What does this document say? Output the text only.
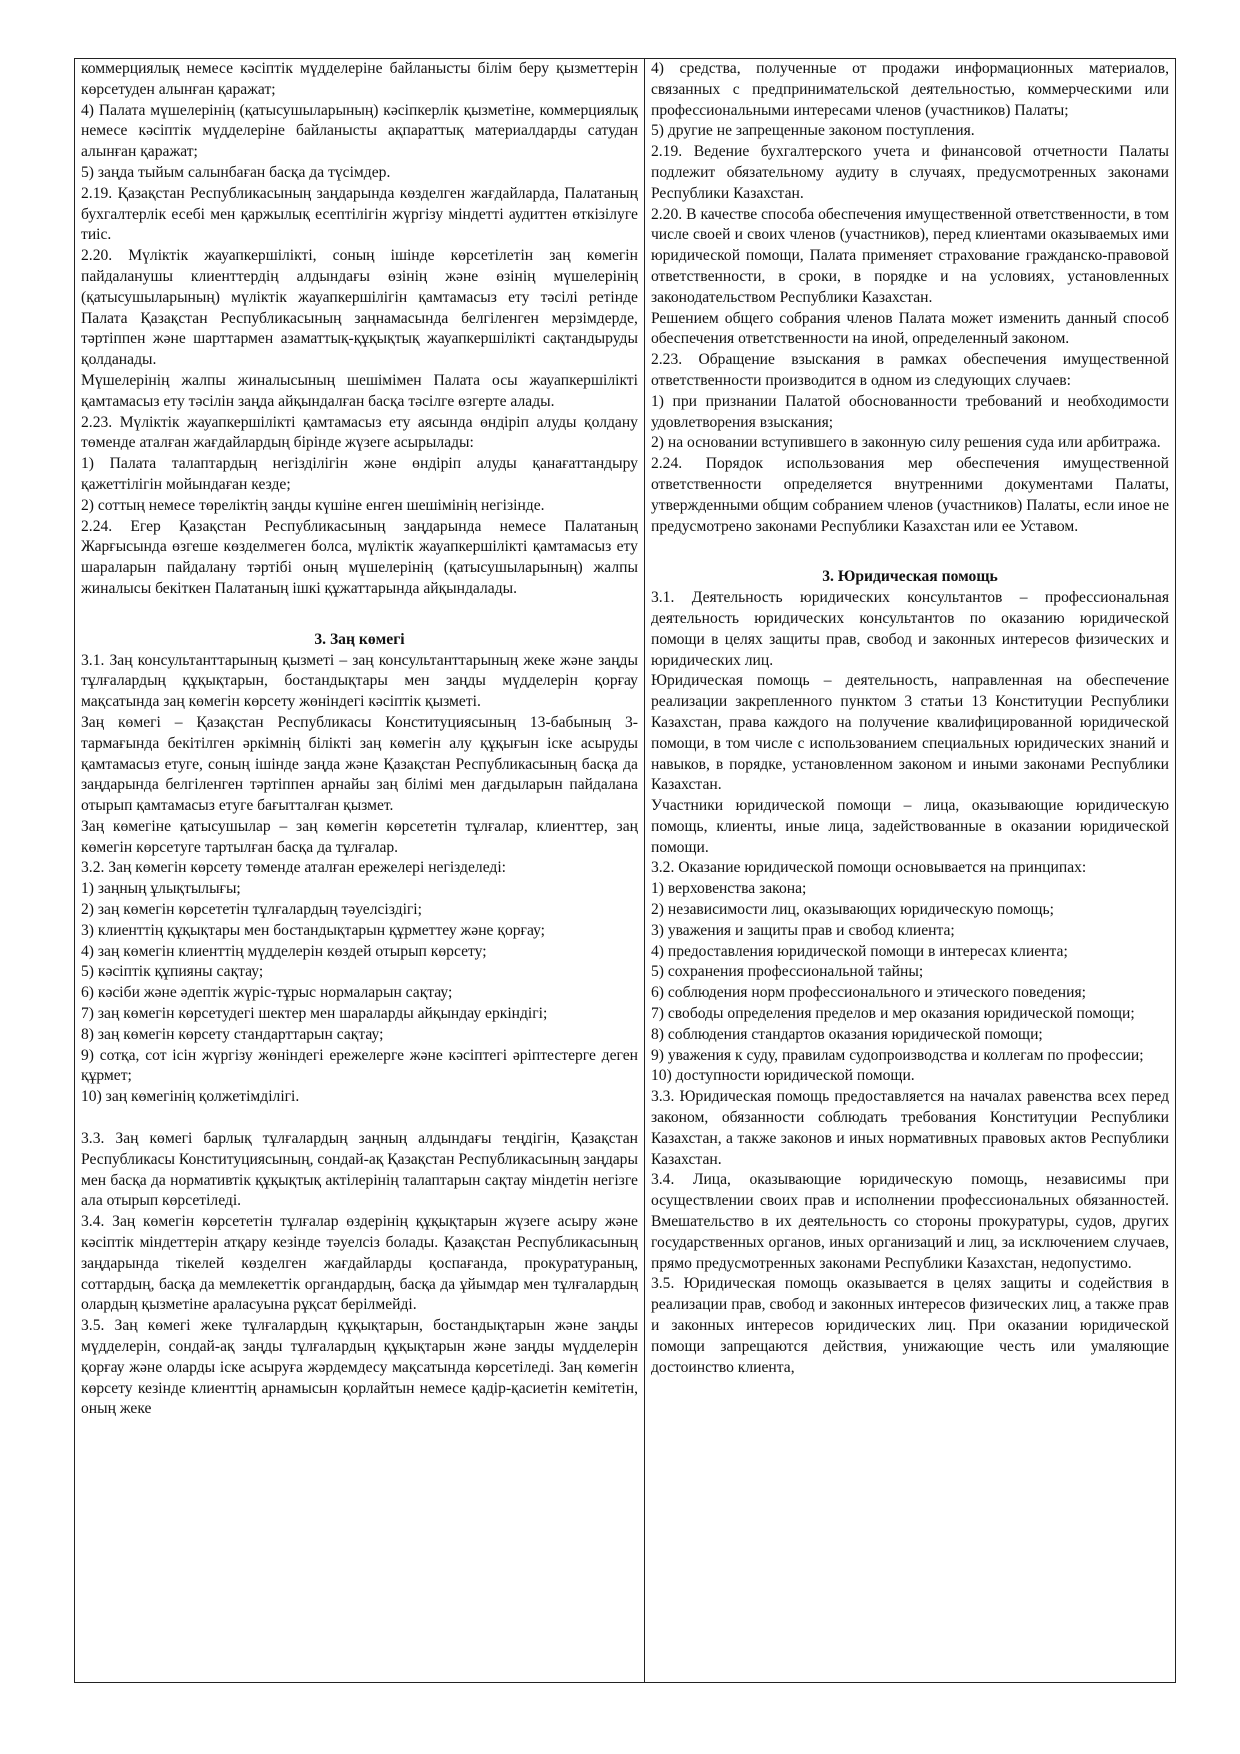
коммерциялық немесе кәсіптік мүдделеріне байланысты білім беру қызметтерін көрсетуден алынған қаражат;

4) Палата мүшелерінің (қатысушыларының) кәсіпкерлік қызметіне, коммерциялық немесе кәсіптік мүдделеріне байланысты ақпараттық материалдарды сатудан алынған қаражат;

5) заңда тыйым салынбаған басқа да түсімдер.

2.19. Қазақстан Республикасының заңдарында көзделген жағдайларда, Палатаның бухгалтерлік есебі мен қаржылық есептілігін жүргізу міндетті аудиттен өткізілуге тиіс.

2.20. Мүліктік жауапкершілікті, соның ішінде көрсетілетін заң көмегін пайдаланушы клиенттердің алдындағы өзінің және өзінің мүшелерінің (қатысушыларының) мүліктік жауапкершілігін қамтамасыз ету тәсілі ретінде Палата Қазақстан Республикасының заңнамасында белгіленген мерзімдерде, тәртіппен және шарттармен азаматтық-құқықтық жауапкершілікті сақтандыруды қолданады.

Мүшелерінің жалпы жиналысының шешімімен Палата осы жауапкершілікті қамтамасыз ету тәсілін заңда айқындалған басқа тәсілге өзгерте алады.

2.23. Мүліктік жауапкершілікті қамтамасыз ету аясында өндіріп алуды қолдану төменде аталған жағдайлардың бірінде жүзеге асырылады:

1) Палата талаптардың негізділігін және өндіріп алуды қанағаттандыру қажеттілігін мойындаған кезде;

2) соттың немесе төреліктің заңды күшіне енген шешімінің негізінде.

2.24. Егер Қазақстан Республикасының заңдарында немесе Палатаның Жарғысында өзгеше көзделмеген болса, мүліктік жауапкершілікті қамтамасыз ету шараларын пайдалану тәртібі оның мүшелерінің (қатысушыларының) жалпы жиналысы бекіткен Палатаның ішкі құжаттарында айқындалады.

3. Заң көмегі

3.1. Заң консультанттарының қызметі – заң консультанттарының жеке және заңды тұлғалардың құқықтарын, бостандықтары мен заңды мүдделерін қорғау мақсатында заң көмегін көрсету жөніндегі кәсіптік қызметі.

Заң көмегі – Қазақстан Республикасы Конституциясының 13-бабының 3-тармағында бекітілген әркімнің білікті заң көмегін алу құқығын іске асыруды қамтамасыз етуге, соның ішінде заңда және Қазақстан Республикасының басқа да заңдарында белгіленген тәртіппен арнайы заң білімі мен дағдыларын пайдалана отырып қамтамасыз етуге бағытталған қызмет.

Заң көмегіне қатысушылар – заң көмегін көрсететін тұлғалар, клиенттер, заң көмегін көрсетуге тартылған басқа да тұлғалар.

3.2. Заң көмегін көрсету төменде аталған ережелері негізделеді:

1) заңның ұлықтылығы;

2) заң көмегін көрсететін тұлғалардың тәуелсіздігі;

3) клиенттің құқықтары мен бостандықтарын құрметтеу және қорғау;

4) заң көмегін клиенттің мүдделерін көздей отырып көрсету;

5) кәсіптік құпияны сақтау;

6) кәсіби және әдептік жүріс-тұрыс нормаларын сақтау;

7) заң көмегін көрсетудегі шектер мен шараларды айқындау еркіндігі;

8) заң көмегін көрсету стандарттарын сақтау;

9) сотқа, сот ісін жүргізу жөніндегі ережелерге және кәсіптегі әріптестерге деген құрмет;

10) заң көмегінің қолжетімділігі.

3.3. Заң көмегі барлық тұлғалардың заңның алдындағы теңдігін, Қазақстан Республикасы Конституциясының, сондай-ақ Қазақстан Республикасының заңдары мен басқа да нормативтік құқықтық актілерінің талаптарын сақтау міндетін негізге ала отырып көрсетіледі.

3.4. Заң көмегін көрсететін тұлғалар өздерінің құқықтарын жүзеге асыру және кәсіптік міндеттерін атқару кезінде тәуелсіз болады. Қазақстан Республикасының заңдарында тікелей көзделген жағдайларды қоспағанда, прокуратураның, соттардың, басқа да мемлекеттік органдардың, басқа да ұйымдар мен тұлғалардың олардың қызметіне араласуына рұқсат берілмейді.

3.5. Заң көмегі жеке тұлғалардың құқықтарын, бостандықтарын және заңды мүдделерін, сондай-ақ заңды тұлғалардың құқықтарын және заңды мүдделерін қорғау және оларды іске асыруға жәрдемдесу мақсатында көрсетіледі. Заң көмегін көрсету кезінде клиенттің арнамысын қорлайтын немесе қадір-қасиетін кемітетін, оның жеке

4) средства, полученные от продажи информационных материалов, связанных с предпринимательской деятельностью, коммерческими или профессиональными интересами членов (участников) Палаты;

5) другие не запрещенные законом поступления.

2.19. Ведение бухгалтерского учета и финансовой отчетности Палаты подлежит обязательному аудиту в случаях, предусмотренных законами Республики Казахстан.

2.20. В качестве способа обеспечения имущественной ответственности, в том числе своей и своих членов (участников), перед клиентами оказываемых ими юридической помощи, Палата применяет страхование гражданско-правовой ответственности, в сроки, в порядке и на условиях, установленных законодательством Республики Казахстан.

Решением общего собрания членов Палата может изменить данный способ обеспечения ответственности на иной, определенный законом.

2.23. Обращение взыскания в рамках обеспечения имущественной ответственности производится в одном из следующих случаев:

1) при признании Палатой обоснованности требований и необходимости удовлетворения взыскания;

2) на основании вступившего в законную силу решения суда или арбитража.

2.24. Порядок использования мер обеспечения имущественной ответственности определяется внутренними документами Палаты, утвержденными общим собранием членов (участников) Палаты, если иное не предусмотрено законами Республики Казахстан или ее Уставом.

3. Юридическая помощь

3.1. Деятельность юридических консультантов – профессиональная деятельность юридических консультантов по оказанию юридической помощи в целях защиты прав, свобод и законных интересов физических и юридических лиц.

Юридическая помощь – деятельность, направленная на обеспечение реализации закрепленного пунктом 3 статьи 13 Конституции Республики Казахстан, права каждого на получение квалифицированной юридической помощи, в том числе с использованием специальных юридических знаний и навыков, в порядке, установленном законом и иными законами Республики Казахстан.

Участники юридической помощи – лица, оказывающие юридическую помощь, клиенты, иные лица, задействованные в оказании юридической помощи.

3.2. Оказание юридической помощи основывается на принципах:

1) верховенства закона;

2) независимости лиц, оказывающих юридическую помощь;

3) уважения и защиты прав и свобод клиента;

4) предоставления юридической помощи в интересах клиента;

5) сохранения профессиональной тайны;

6) соблюдения норм профессионального и этического поведения;

7) свободы определения пределов и мер оказания юридической помощи;

8) соблюдения стандартов оказания юридической помощи;

9) уважения к суду, правилам судопроизводства и коллегам по профессии;

10) доступности юридической помощи.

3.3. Юридическая помощь предоставляется на началах равенства всех перед законом, обязанности соблюдать требования Конституции Республики Казахстан, а также законов и иных нормативных правовых актов Республики Казахстан.

3.4. Лица, оказывающие юридическую помощь, независимы при осуществлении своих прав и исполнении профессиональных обязанностей. Вмешательство в их деятельность со стороны прокуратуры, судов, других государственных органов, иных организаций и лиц, за исключением случаев, прямо предусмотренных законами Республики Казахстан, недопустимо.

3.5. Юридическая помощь оказывается в целях защиты и содействия в реализации прав, свобод и законных интересов физических лиц, а также прав и законных интересов юридических лиц. При оказании юридической помощи запрещаются действия, унижающие честь или умаляющие достоинство клиента,
